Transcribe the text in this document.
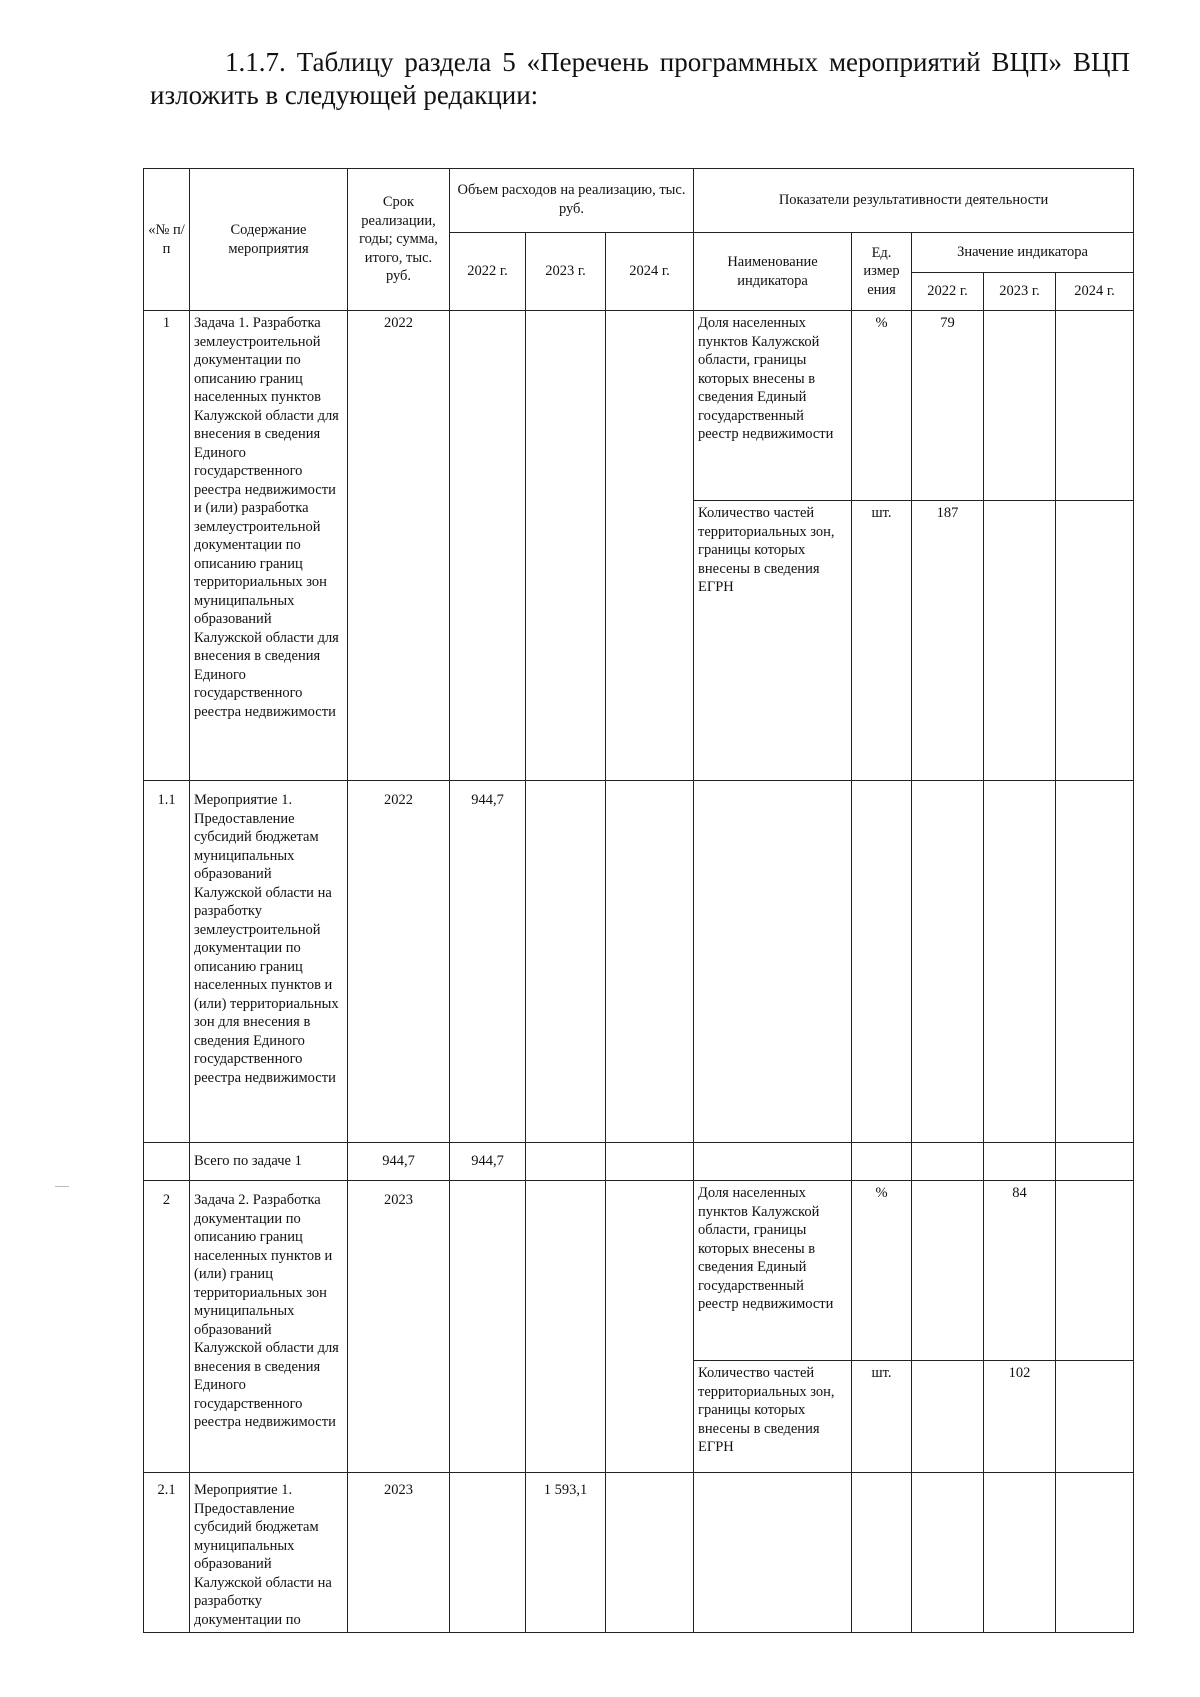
1.1.7. Таблицу раздела 5 «Перечень программных мероприятий ВЦП» ВЦП
изложить в следующей редакции:
«№ п/п	Содержание мероприятия	Срок реализации, годы; сумма, итого, тыс. руб.	Объем расходов на реализацию, тыс. руб.			Показатели результативности деятельности				
			2022 г.	2023 г.	2024 г.	Наименование индикатора	Ед. измер ения	Значение индикатора		
								2022 г.	2023 г.	2024 г.
1	Задача 1. Разработка землеустроительной документации по описанию границ населенных пунктов Калужской области для внесения в сведения Единого государственного реестра недвижимости и (или) разработка землеустроительной документации по описанию границ территориальных зон муниципальных образований Калужской области для внесения в сведения Единого государственного реестра недвижимости	2022				Доля населенных пунктов Калужской области, границы которых внесены в сведения Единый государственный реестр недвижимости	%	79		
						Количество частей территориальных зон, границы которых внесены в сведения ЕГРН	шт.	187		
1.1	Мероприятие 1. Предоставление субсидий бюджетам муниципальных образований Калужской области на разработку землеустроительной документации по описанию границ населенных пунктов и (или) территориальных зон для внесения в сведения Единого государственного реестра недвижимости	2022	944,7							
	Всего по задаче 1	944,7	944,7							
2	Задача 2. Разработка документации по описанию границ населенных пунктов и (или) границ территориальных зон муниципальных образований Калужской области для внесения в сведения Единого государственного реестра недвижимости	2023				Доля населенных пунктов Калужской области, границы которых внесены в сведения Единый государственный реестр недвижимости	%		84	
						Количество частей территориальных зон, границы которых внесены в сведения ЕГРН	шт.		102	
2.1	Мероприятие 1. Предоставление субсидий бюджетам муниципальных образований Калужской области на разработку документации по	2023		1 593,1						
